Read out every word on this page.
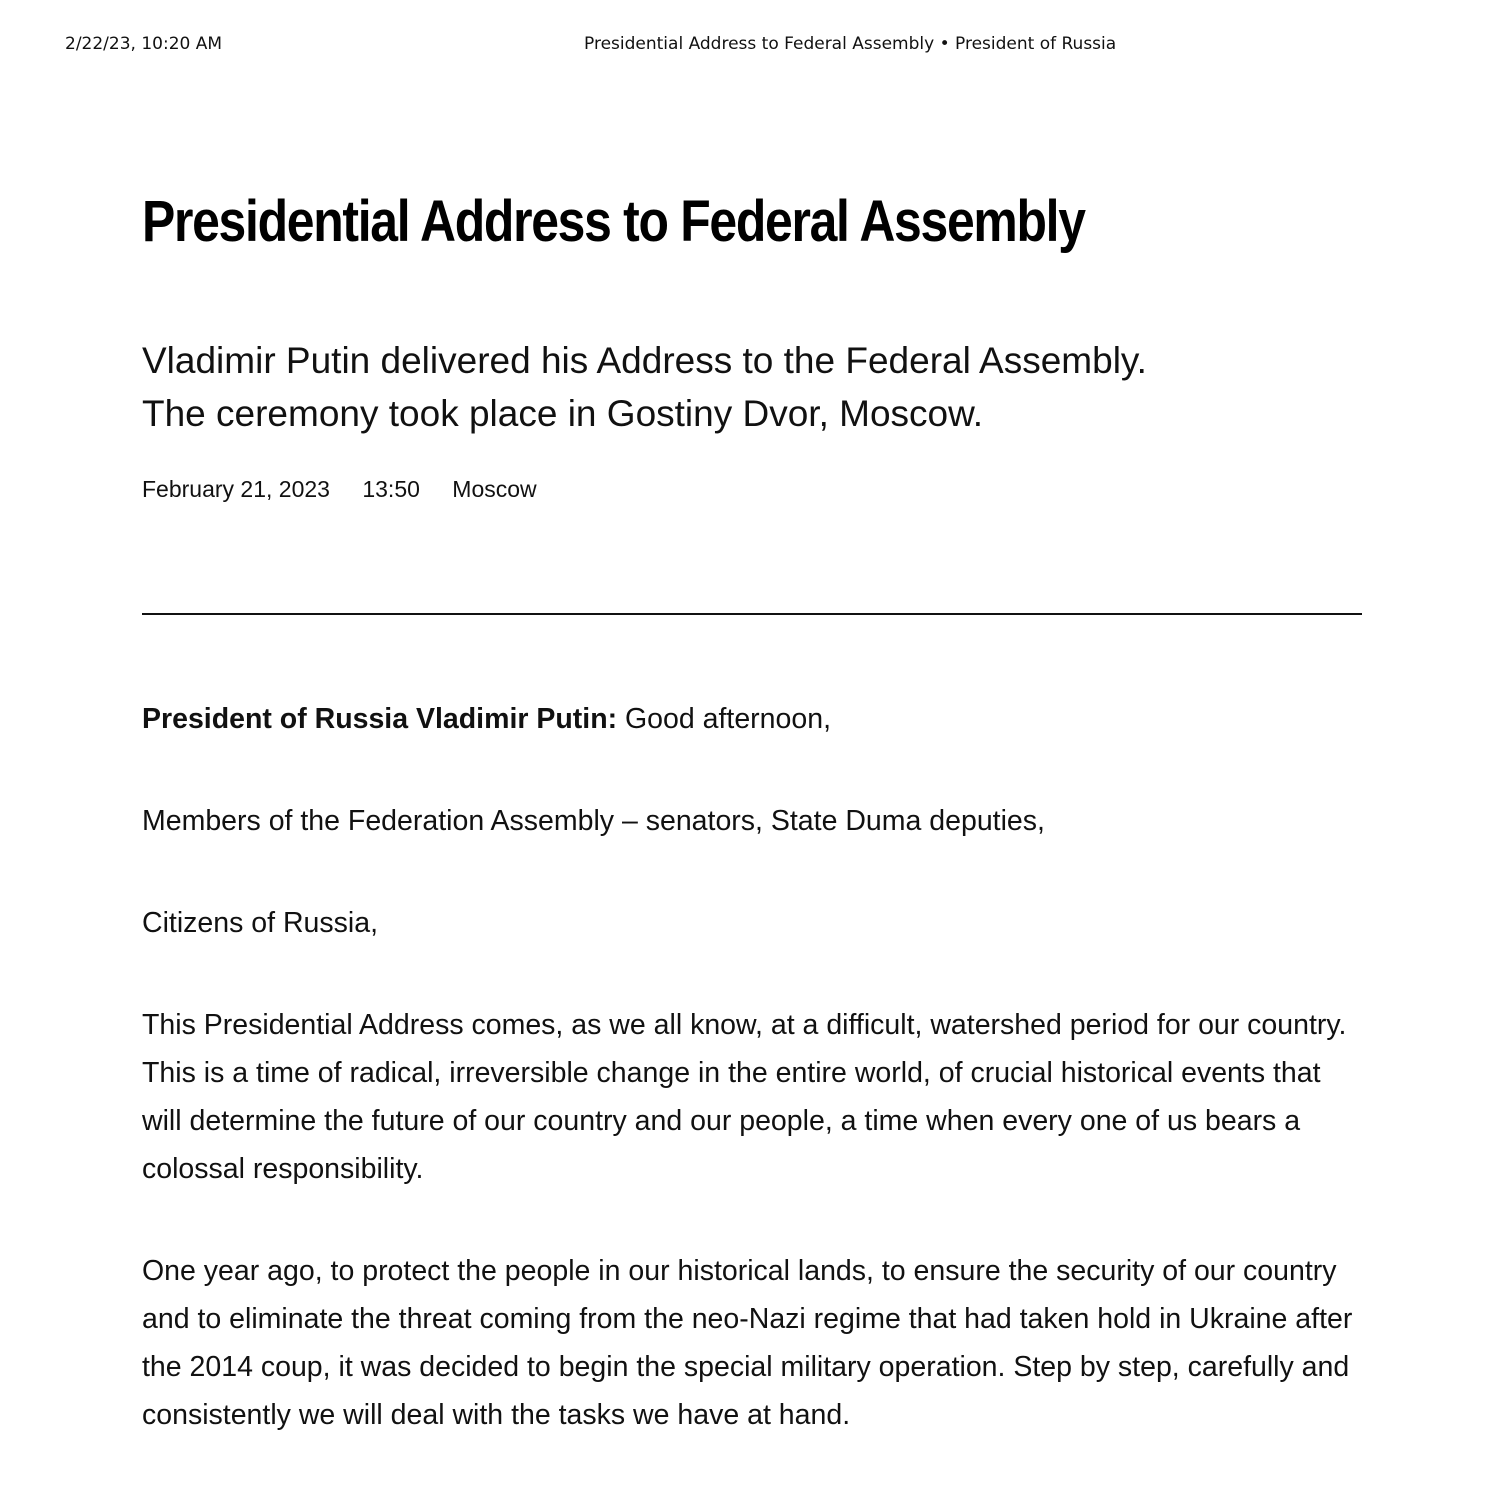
2/22/23, 10:20 AM	Presidential Address to Federal Assembly • President of Russia
Presidential Address to Federal Assembly
Vladimir Putin delivered his Address to the Federal Assembly.
The ceremony took place in Gostiny Dvor, Moscow.
February 21, 2023 13:50 Moscow

President of Russia Vladimir Putin: Good afternoon,

Members of the Federation Assembly – senators, State Duma deputies,

Citizens of Russia,

This Presidential Address comes, as we all know, at a difficult, watershed period for our country. This is a time of radical, irreversible change in the entire world, of crucial historical events that will determine the future of our country and our people, a time when every one of us bears a colossal responsibility.

One year ago, to protect the people in our historical lands, to ensure the security of our country and to eliminate the threat coming from the neo-Nazi regime that had taken hold in Ukraine after the 2014 coup, it was decided to begin the special military operation. Step by step, carefully and consistently we will deal with the tasks we have at hand.
